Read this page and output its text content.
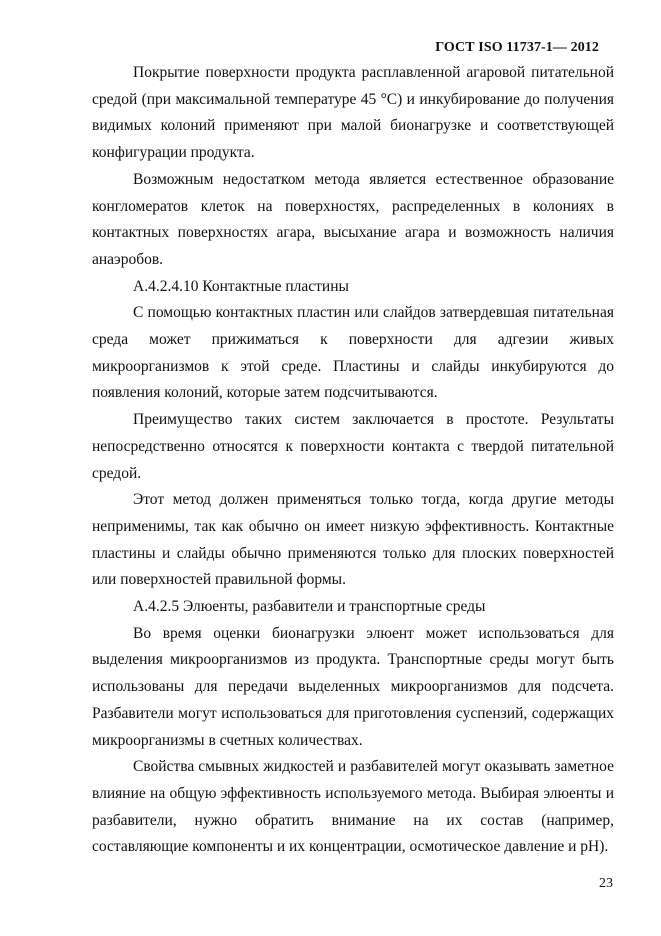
ГОСТ ISO 11737-1— 2012

Покрытие поверхности продукта расплавленной агаровой питательной средой (при максимальной температуре 45 °С) и инкубирование до получения видимых колоний применяют при малой бионагрузке и соответствующей конфигурации продукта.

Возможным недостатком метода является естественное образование конгломератов клеток на поверхностях, распределенных в колониях в контактных поверхностях агара, высыхание агара и возможность наличия анаэробов.

А.4.2.4.10 Контактные пластины

С помощью контактных пластин или слайдов затвердевшая питательная среда может прижиматься к поверхности для адгезии живых микроорганизмов к этой среде. Пластины и слайды инкубируются до появления колоний, которые затем подсчитываются.

Преимущество таких систем заключается в простоте. Результаты непосредственно относятся к поверхности контакта с твердой питательной средой.

Этот метод должен применяться только тогда, когда другие методы неприменимы, так как обычно он имеет низкую эффективность. Контактные пластины и слайды обычно применяются только для плоских поверхностей или поверхностей правильной формы.

А.4.2.5 Элюенты, разбавители и транспортные среды

Во время оценки бионагрузки элюент может использоваться для выделения микроорганизмов из продукта. Транспортные среды могут быть использованы для передачи выделенных микроорганизмов для подсчета. Разбавители могут использоваться для приготовления суспензий, содержащих микроорганизмы в счетных количествах.

Свойства смывных жидкостей и разбавителей могут оказывать заметное влияние на общую эффективность используемого метода. Выбирая элюенты и разбавители, нужно обратить внимание на их состав (например, составляющие компоненты и их концентрации, осмотическое давление и pH).

23
